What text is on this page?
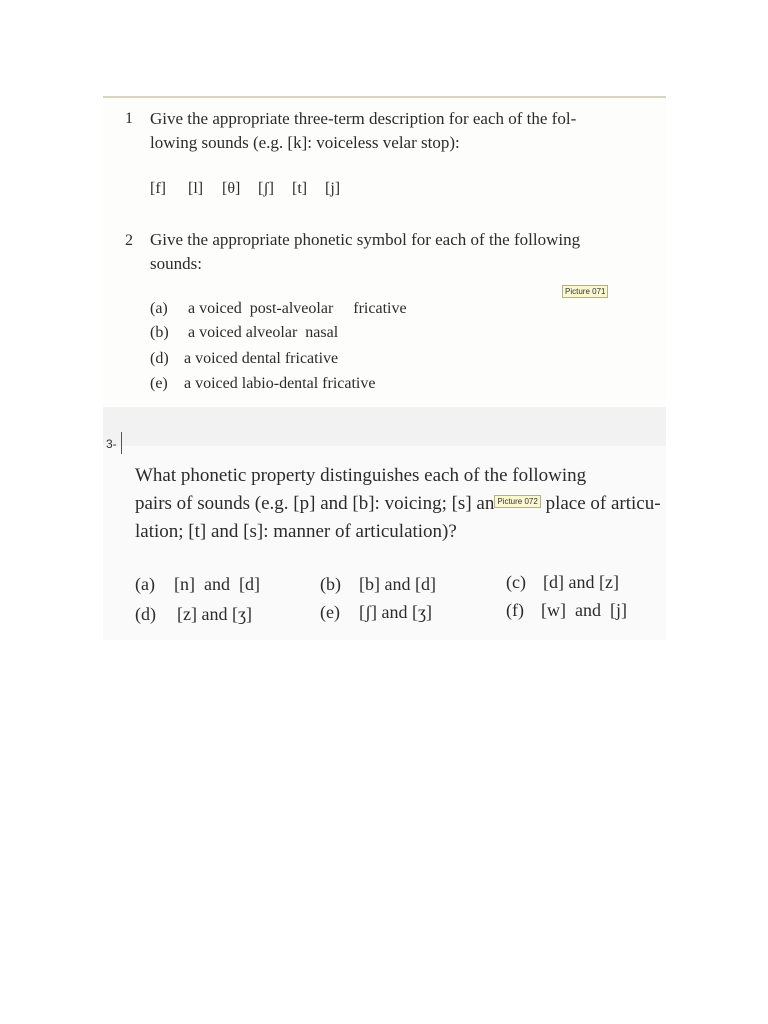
1 Give the appropriate three-term description for each of the fol-
lowing sounds (e.g. [k]: voiceless velar stop):
[f] [l] [θ] [ʃ] [t] [j]
2 Give the appropriate phonetic symbol for each of the following
sounds:
Picture 071
(a) a voiced  post-alveolar     fricative
(b) a voiced alveolar  nasal
(d) a voiced dental fricative
(e) a voiced labio-dental fricative
3-
What phonetic property distinguishes each of the following
pairs of sounds (e.g. [p] and [b]: voicing; [s] an Picture 072 place of articu-
lation; [t] and [s]: manner of articulation)?
(a) [n]  and  [d]	(b) [b] and [d]	(c) [d] and [z]
(d) [z] and [ʒ]	(e) [ʃ] and [ʒ]	(f) [w]  and  [j]
